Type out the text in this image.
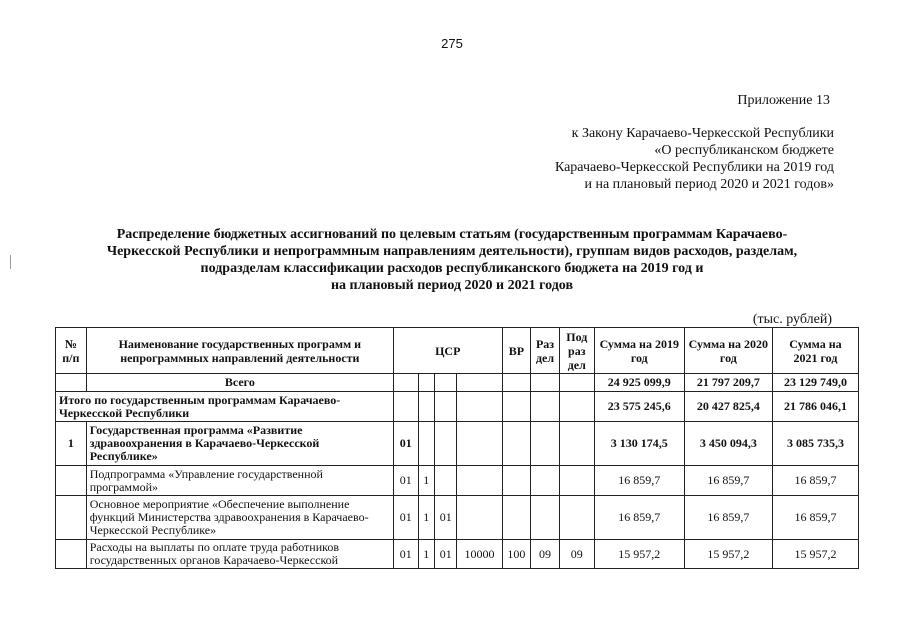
275
Приложение 13
к Закону Карачаево-Черкесской Республики
«О республиканском бюджете
Карачаево-Черкесской Республики на 2019 год
и на плановый период 2020 и 2021 годов»
Распределение бюджетных ассигнований по целевым статьям (государственным программам Карачаево-
Черкесской Республики и непрограммным направлениям деятельности), группам видов расходов, разделам,
подразделам классификации расходов республиканского бюджета на 2019 год и
на плановый период 2020 и 2021 годов
(тыс. рублей)
№ п/п	Наименование государственных программ и непрограммных направлений деятельности	ЦСР				ВР	Раз дел	Под раз дел	Сумма на 2019 год	Сумма на 2020 год	Сумма на 2021 год
	Всего								24 925 099,9	21 797 209,7	23 129 749,0
Итого по государственным программам Карачаево-Черкесской Республики									23 575 245,6	20 427 825,4	21 786 046,1
1	Государственная программа «Развитие здравоохранения в Карачаево-Черкесской Республике»	01							3 130 174,5	3 450 094,3	3 085 735,3
	Подпрограмма «Управление государственной программой»	01	1						16 859,7	16 859,7	16 859,7
	Основное мероприятие «Обеспечение выполнение функций Министерства здравоохранения в Карачаево-Черкесской Республике»	01	1	01					16 859,7	16 859,7	16 859,7
	Расходы на выплаты по оплате труда работников государственных органов Карачаево-Черкесской	01	1	01	10000	100	09	09	15 957,2	15 957,2	15 957,2
